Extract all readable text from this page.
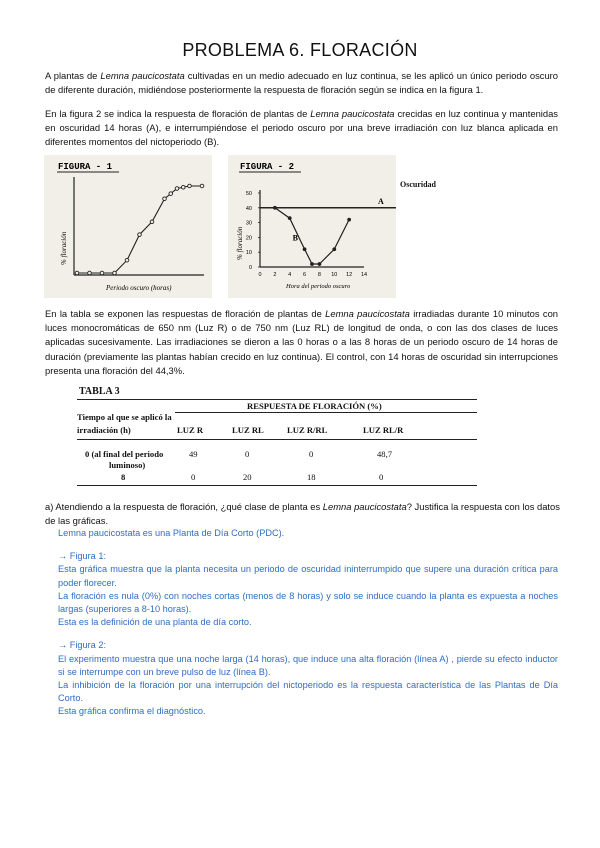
PROBLEMA 6. FLORACIÓN

A plantas de Lemna paucicostata cultivadas en un medio adecuado en luz continua, se les aplicó un único periodo oscuro de diferente duración, midiéndose posteriormente la respuesta de floración según se indica en la figura 1.

En la figura 2 se indica la respuesta de floración de plantas de Lemna paucicostata crecidas en luz continua y mantenidas en oscuridad 14 horas (A), e interrumpiéndose el periodo oscuro por una breve irradiación con luz blanca aplicada en diferentes momentos del nictoperiodo (B).

FIGURA - 1
% floración
Periodo oscuro (horas)
FIGURA - 2
% floración
Hora del periodo oscuro
0
10
20
30
40
50
0 2 4 6 8 10 12 14
A
B
Oscuridad

En la tabla se exponen las respuestas de floración de plantas de Lemna paucicostata irradiadas durante 10 minutos con luces monocromáticas de 650 nm (Luz R) o de 750 nm (Luz RL) de longitud de onda, o con las dos clases de luces aplicadas sucesivamente. Las irradiaciones se dieron a las 0 horas o a las 8 horas de un periodo oscuro de 14 horas de duración (previamente las plantas habían crecido en luz continua). El control, con 14 horas de oscuridad sin interrupciones presenta una floración del 44,3%.

TABLA 3
RESPUESTA DE FLORACIÓN (%)
Tiempo al que se aplicó la
irradiación (h)	LUZ R	LUZ RL	LUZ R/RL	LUZ RL/R
0 (al final del periodo
luminoso)
49	0	0	48,7
8	0	20	18	0

a) Atendiendo a la respuesta de floración, ¿qué clase de planta es Lemna paucicostata? Justifica la respuesta con los datos de las gráficas.

Lemna paucicostata es una Planta de Día Corto (PDC).

→ Figura 1:

Esta gráfica muestra que la planta necesita un periodo de oscuridad ininterrumpido que supere una duración crítica para poder florecer.

La floración es nula (0%) con noches cortas (menos de 8 horas) y solo se induce cuando la planta es expuesta a noches largas (superiores a 8-10 horas).

Esta es la definición de una planta de día corto.

→ Figura 2:

El experimento muestra que una noche larga (14 horas), que induce una alta floración (línea A) , pierde su efecto inductor si se interrumpe con un breve pulso de luz (línea B).

La inhibición de la floración por una interrupción del nictoperiodo es la respuesta característica de las Plantas de Día Corto.

Esta gráfica confirma el diagnóstico.
